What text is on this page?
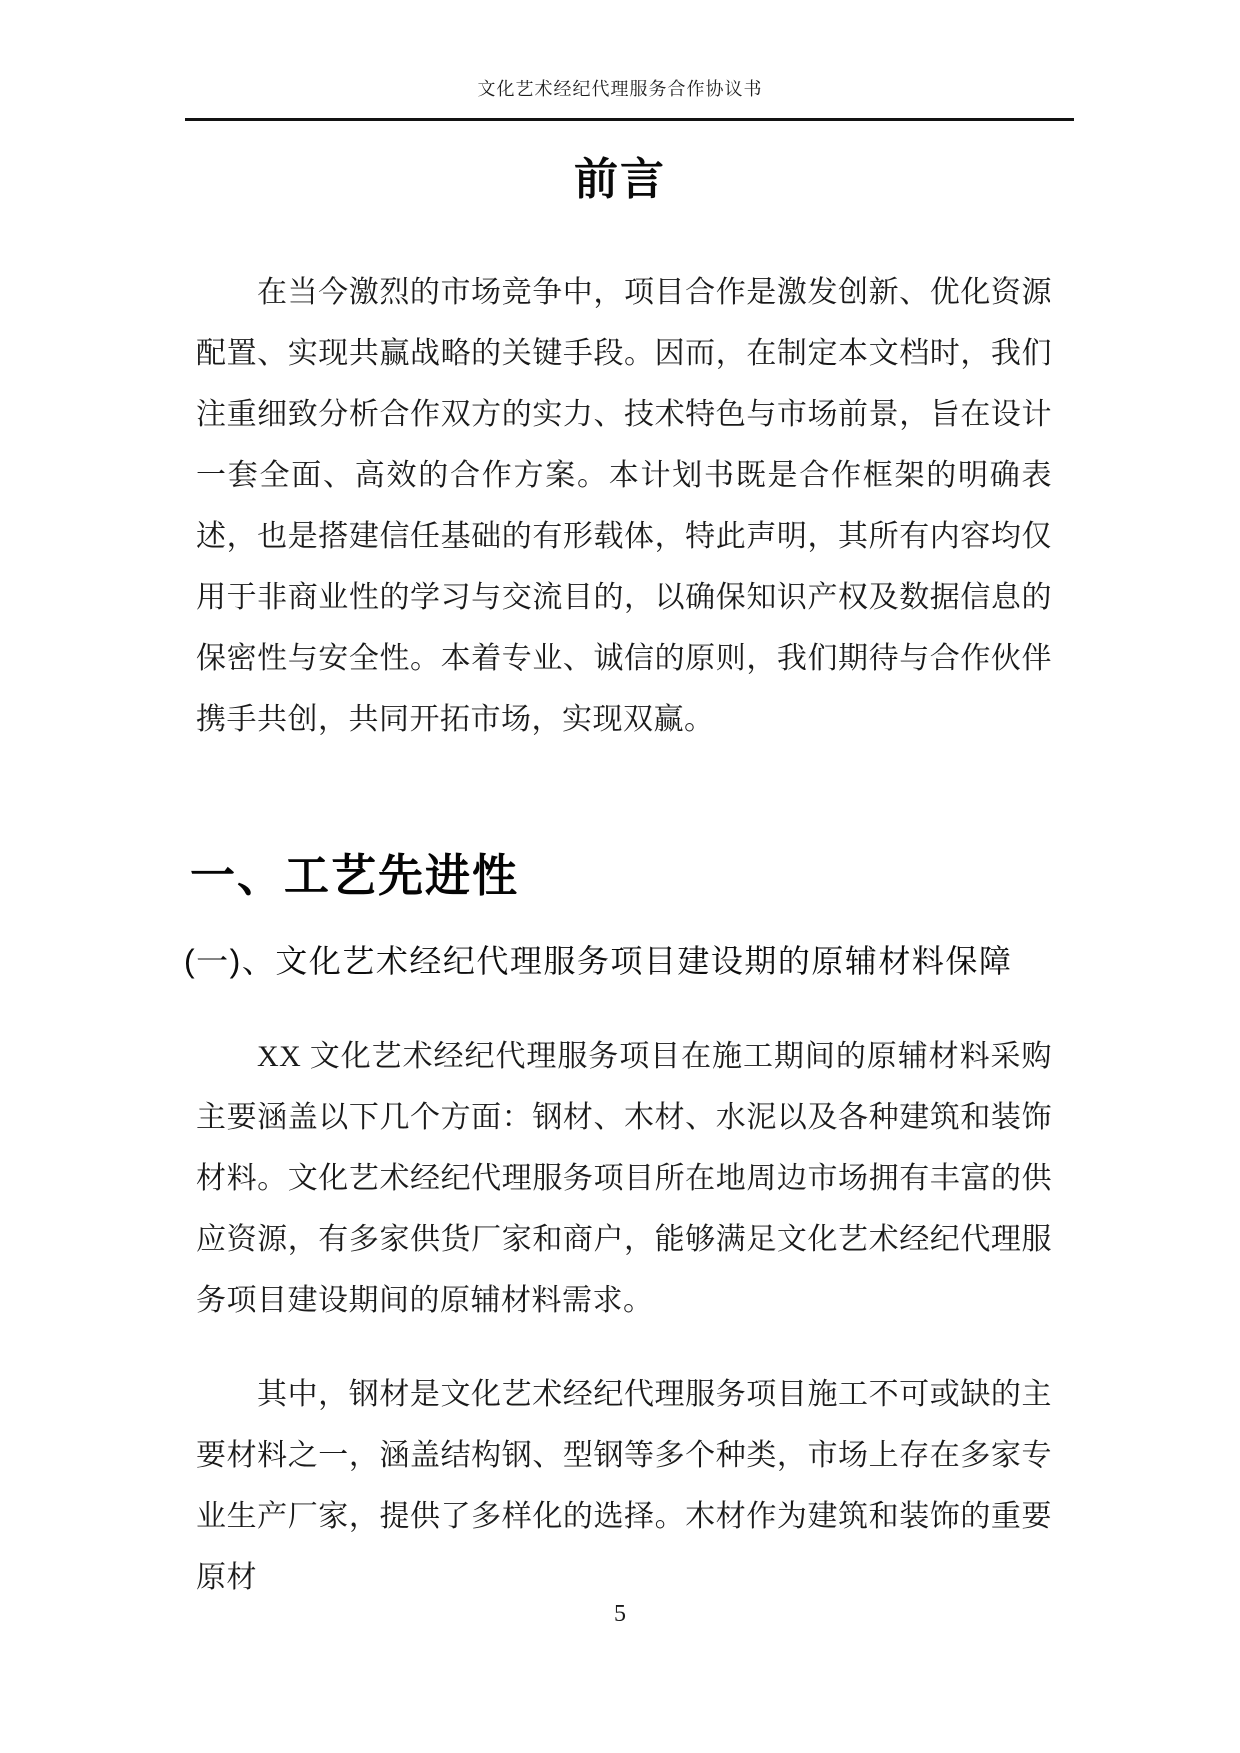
文化艺术经纪代理服务合作协议书
前言

在当今激烈的市场竞争中，项目合作是激发创新、优化资源配置、实现共赢战略的关键手段。因而，在制定本文档时，我们注重细致分析合作双方的实力、技术特色与市场前景，旨在设计一套全面、高效的合作方案。本计划书既是合作框架的明确表述，也是搭建信任基础的有形载体，特此声明，其所有内容均仅用于非商业性的学习与交流目的，以确保知识产权及数据信息的保密性与安全性。本着专业、诚信的原则，我们期待与合作伙伴携手共创，共同开拓市场，实现双赢。

一、工艺先进性
(一)、文化艺术经纪代理服务项目建设期的原辅材料保障

XX 文化艺术经纪代理服务项目在施工期间的原辅材料采购主要涵盖以下几个方面：钢材、木材、水泥以及各种建筑和装饰材料。文化艺术经纪代理服务项目所在地周边市场拥有丰富的供应资源，有多家供货厂家和商户，能够满足文化艺术经纪代理服务项目建设期间的原辅材料需求。

其中，钢材是文化艺术经纪代理服务项目施工不可或缺的主要材料之一，涵盖结构钢、型钢等多个种类，市场上存在多家专业生产厂家，提供了多样化的选择。木材作为建筑和装饰的重要原材

5
